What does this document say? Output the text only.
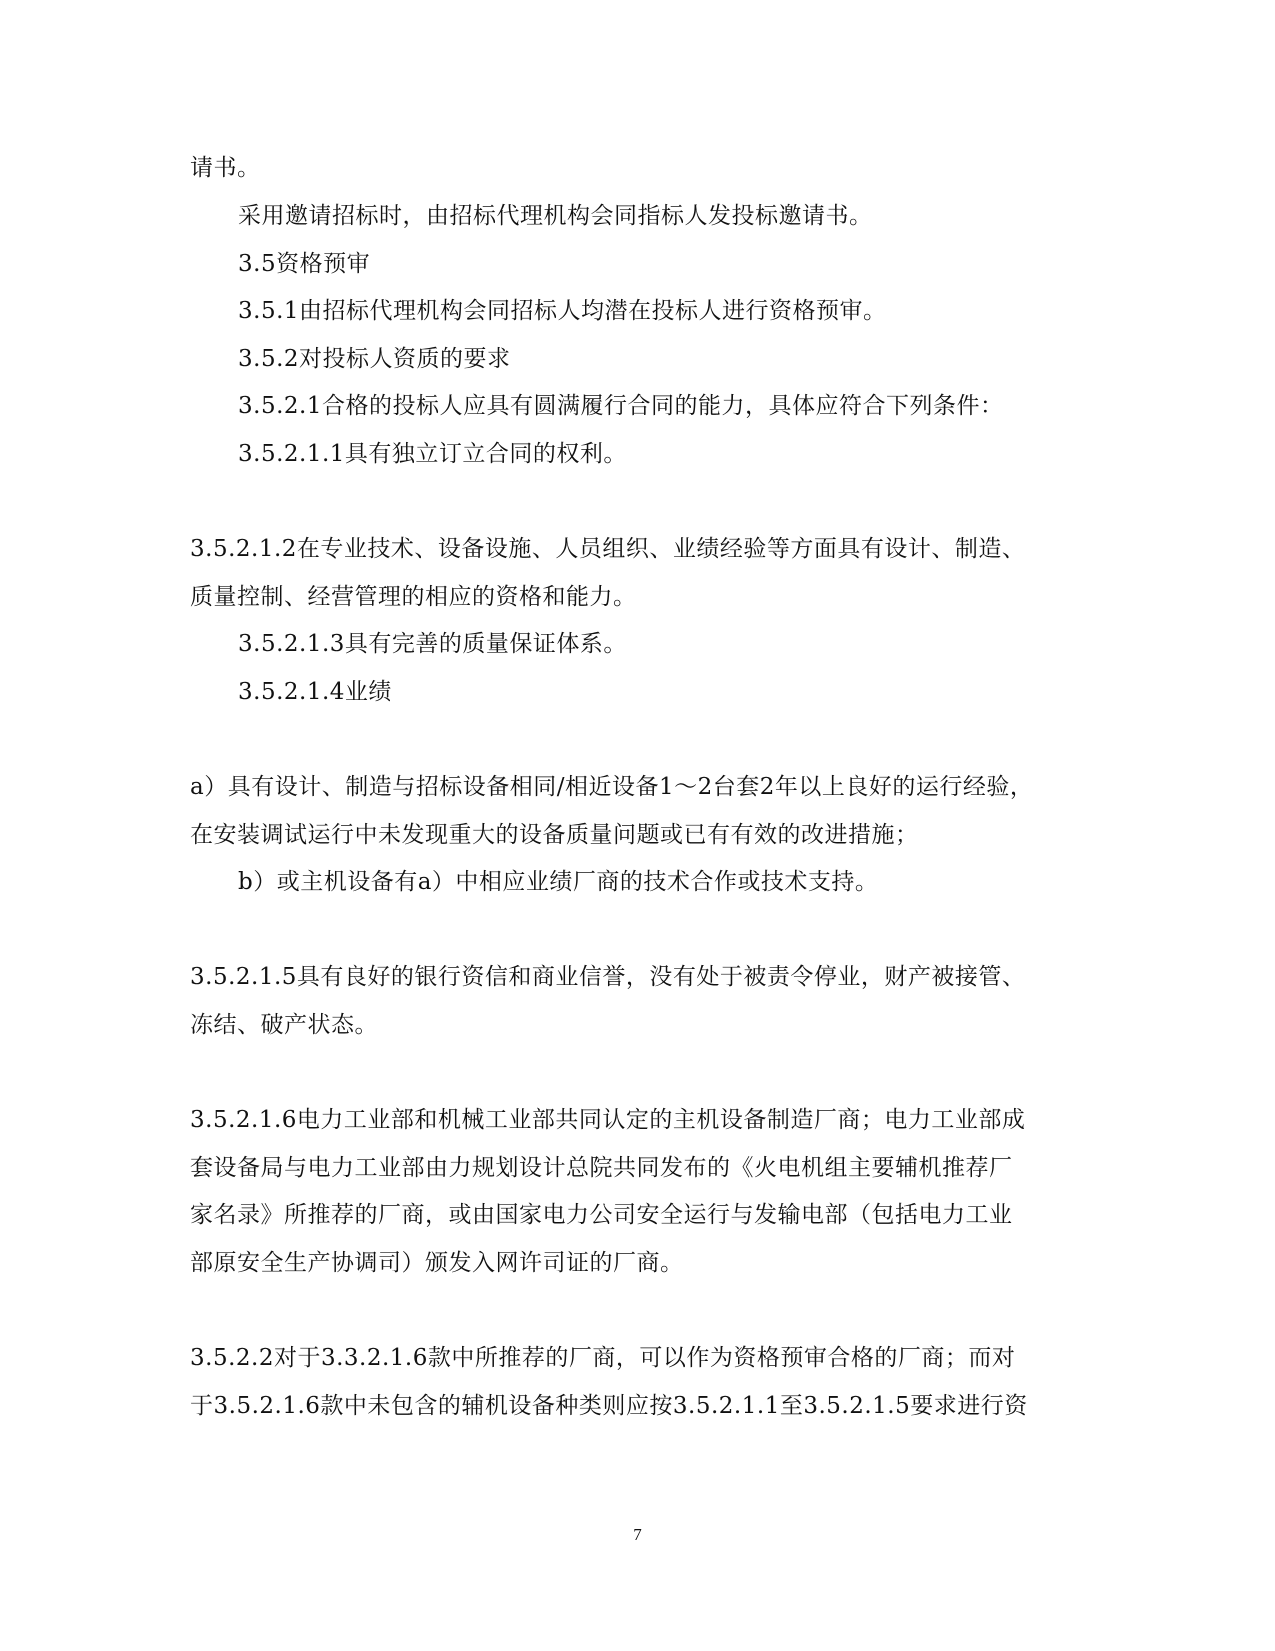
请书。
采用邀请招标时，由招标代理机构会同指标人发投标邀请书。
3.5资格预审
3.5.1由招标代理机构会同招标人均潜在投标人进行资格预审。
3.5.2对投标人资质的要求
3.5.2.1合格的投标人应具有圆满履行合同的能力，具体应符合下列条件：
3.5.2.1.1具有独立订立合同的权利。
3.5.2.1.2在专业技术、设备设施、人员组织、业绩经验等方面具有设计、制造、
质量控制、经营管理的相应的资格和能力。
3.5.2.1.3具有完善的质量保证体系。
3.5.2.1.4业绩
a）具有设计、制造与招标设备相同/相近设备1～2台套2年以上良好的运行经验，
在安装调试运行中未发现重大的设备质量问题或已有有效的改进措施；
b）或主机设备有a）中相应业绩厂商的技术合作或技术支持。
3.5.2.1.5具有良好的银行资信和商业信誉，没有处于被责令停业，财产被接管、
冻结、破产状态。
3.5.2.1.6电力工业部和机械工业部共同认定的主机设备制造厂商；电力工业部成
套设备局与电力工业部由力规划设计总院共同发布的《火电机组主要辅机推荐厂
家名录》所推荐的厂商，或由国家电力公司安全运行与发输电部（包括电力工业
部原安全生产协调司）颁发入网许司证的厂商。
3.5.2.2对于3.3.2.1.6款中所推荐的厂商，可以作为资格预审合格的厂商；而对
于3.5.2.1.6款中未包含的辅机设备种类则应按3.5.2.1.1至3.5.2.1.5要求进行资
7
